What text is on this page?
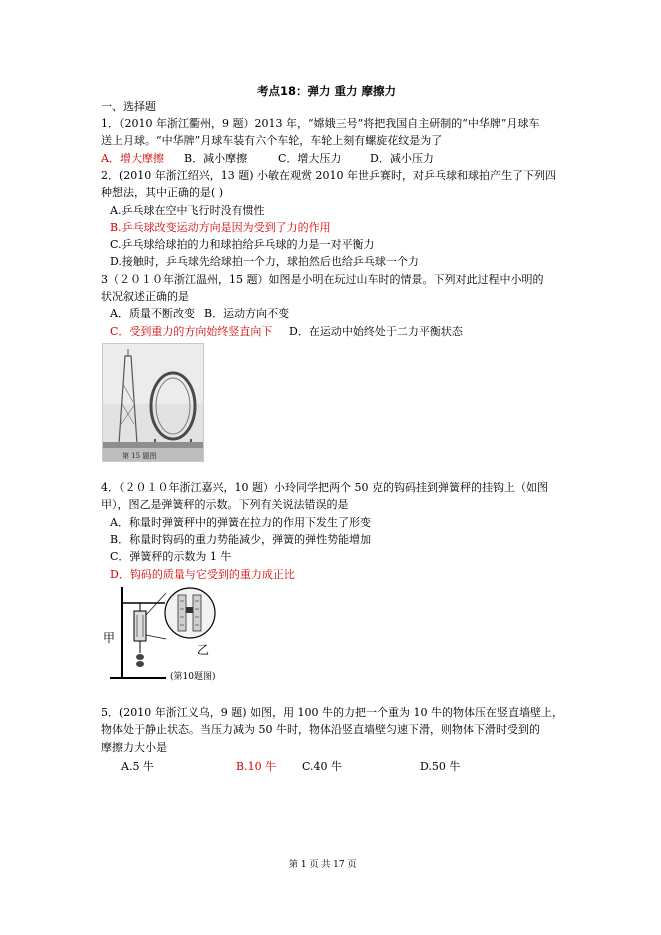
考点18：弹力 重力 摩擦力
一、选择题
1．（2010 年浙江衢州，9 题）2013 年，“嫦娥三号”将把我国自主研制的“中华牌”月球车
送上月球。“中华牌”月球车装有六个车轮，车轮上刻有螺旋花纹是为了
A．增大摩擦 B．减小摩擦	C．增大压力	D．减小压力
2．(2010 年浙江绍兴，13 题) 小敏在观赏 2010 年世乒赛时，对乒乓球和球拍产生了下列四
种想法，其中正确的是( )
A.乒乓球在空中飞行时没有惯性
B.乒乓球改变运动方向是因为受到了力的作用
C.乒乓球给球拍的力和球拍给乒乓球的力是一对平衡力
D.接触时，乒乓球先给球拍一个力，球拍然后也给乒乓球一个力
3（２０１０年浙江温州，15 题）如图是小明在玩过山车时的情景。下列对此过程中小明的
状况叙述正确的是
A．质量不断改变 B．运动方向不变
C．受到重力的方向始终竖直向下 D．在运动中始终处于二力平衡状态
第 15 题图
4．（２０１０年浙江嘉兴，10 题）小玲同学把两个 50 克的钩码挂到弹簧秤的挂钩上（如图
甲），图乙是弹簧秤的示数。下列有关说法错误的是
A．称量时弹簧秤中的弹簧在拉力的作用下发生了形变
B．称量时钩码的重力势能减少，弹簧的弹性势能增加
C．弹簧秤的示数为 1 牛
D．钩码的质量与它受到的重力成正比
甲
乙
(第10题图)
5．(2010 年浙江义乌，9 题) 如图，用 100 牛的力把一个重为 10 牛的物体压在竖直墙壁上，
物体处于静止状态。当压力减为 50 牛时，物体沿竖直墙壁匀速下滑，则物体下滑时受到的
摩擦力大小是
A.5 牛	B.10 牛 C.40 牛	D.50 牛
第 1 页 共 17 页
